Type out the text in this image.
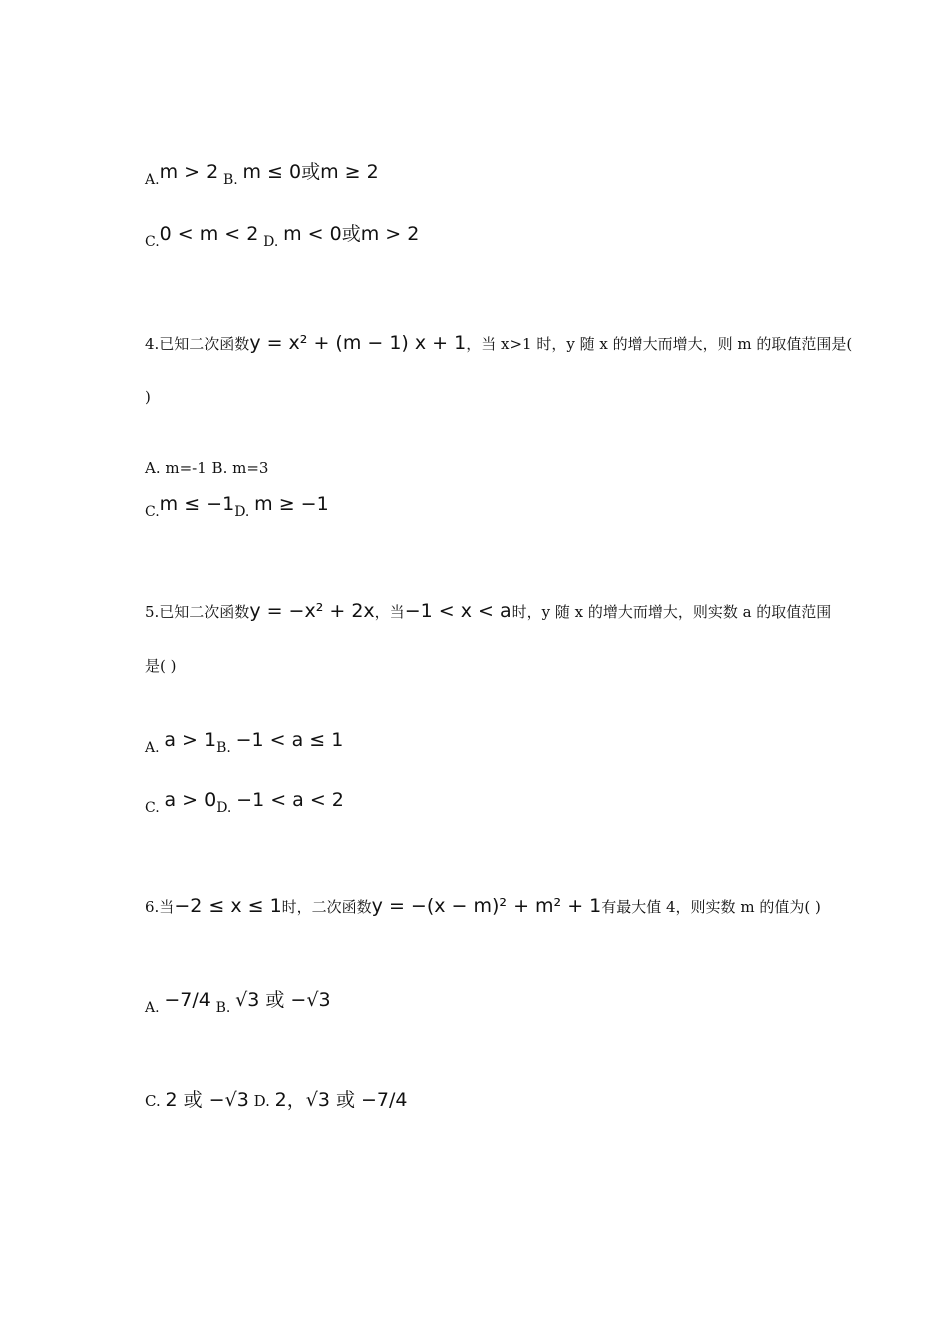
A.m > 2 B. m ≤ 0或m ≥ 2
C.0 < m < 2 D. m < 0或m > 2
4.已知二次函数y = x² + (m − 1) x + 1，当 x>1 时，y 随 x 的增大而增大，则 m 的取值范围是(
)
A. m=-1 B. m=3
C.m ≤ −1D. m ≥ −1
5.已知二次函数y = −x² + 2x，当−1 < x < a时，y 随 x 的增大而增大，则实数 a 的取值范围
是( )
A. a > 1B. −1 < a ≤ 1
C. a > 0D. −1 < a < 2
6.当−2 ≤ x ≤ 1时，二次函数y = −(x − m)² + m² + 1有最大值 4，则实数 m 的值为( )
A. −7/4 B. √3 或 −√3
C. 2 或 −√3 D. 2，√3 或 −7/4
